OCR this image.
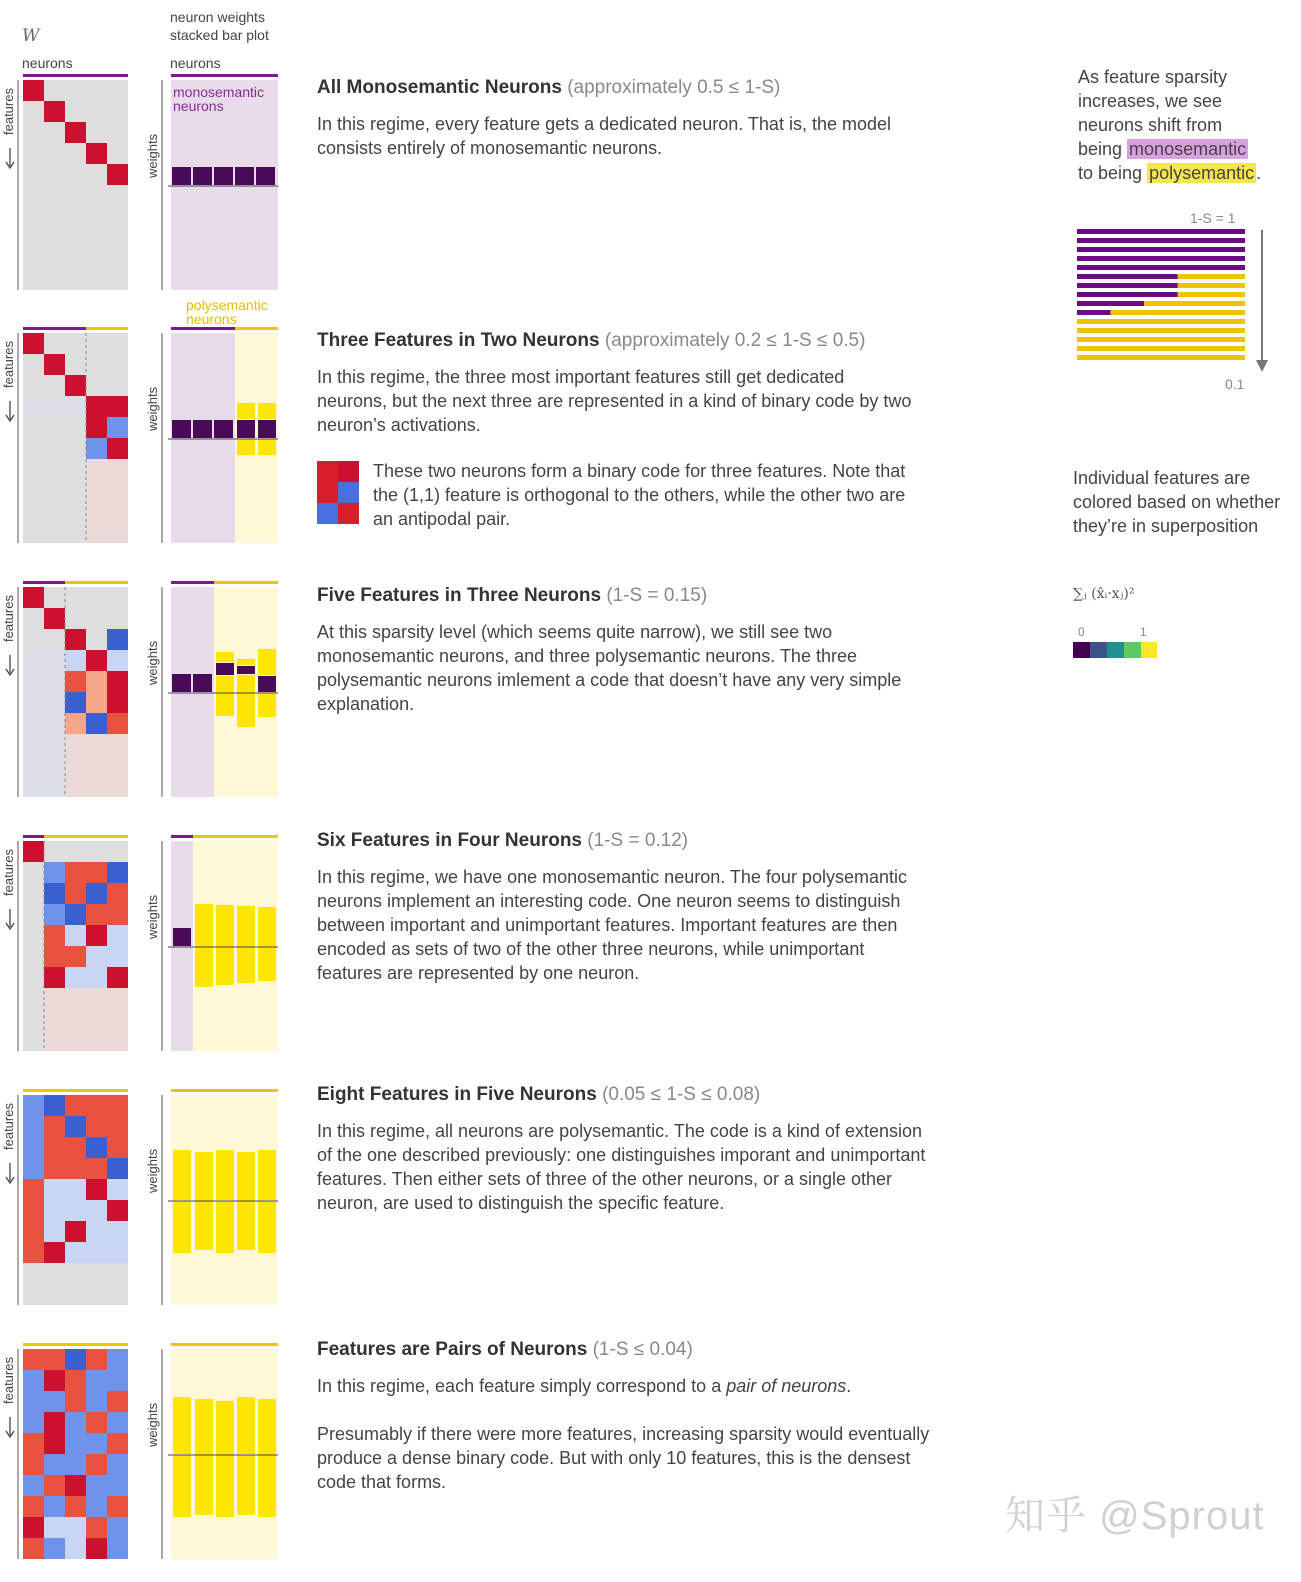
W
neurons
neuron weights
stacked bar plot
neurons
features
weights
features
weights
features
weights
features
weights
features
weights
features
weights
monosemantic
neurons
polysemantic
neurons
All Monosemantic Neurons (approximately 0.5 ≤ 1-S)
In this regime, every feature gets a dedicated neuron. That is, the model consists entirely of monosemantic neurons.
Three Features in Two Neurons (approximately 0.2 ≤ 1-S ≤ 0.5)
In this regime, the three most important features still get dedicated neurons, but the next three are represented in a kind of binary code by two neuron’s activations.
These two neurons form a binary code for three features. Note that the (1,1) feature is orthogonal to the others, while the other two are an antipodal pair.
Five Features in Three Neurons (1-S = 0.15)
At this sparsity level (which seems quite narrow), we still see two monosemantic neurons, and three polysemantic neurons. The three polysemantic neurons imlement a code that doesn’t have any very simple explanation.
Six Features in Four Neurons (1-S = 0.12)
In this regime, we have one monosemantic neuron. The four polysemantic neurons implement an interesting code. One neuron seems to distinguish between important and unimportant features. Important features are then encoded as sets of two of the other three neurons, while unimportant features are represented by one neuron.
Eight Features in Five Neurons (0.05 ≤ 1-S ≤ 0.08)
In this regime, all neurons are polysemantic. The code is a kind of extension of the one described previously: one distinguishes imporant and unimportant features. Then either sets of three of the other neurons, or a single other neuron, are used to distinguish the specific feature.
Features are Pairs of Neurons (1-S ≤ 0.04)
In this regime, each feature simply correspond to a pair of neurons.
Presumably if there were more features, increasing sparsity would eventually produce a dense binary code. But with only 10 features, this is the densest code that forms.
As feature sparsity
increases, we see
neurons shift from
being monosemantic
to being polysemantic .
1-S = 1
0.1
Individual features are colored based on whether they’re in superposition
∑ⱼ (x̂ᵢ·xⱼ)²
0	1
知乎 @Sprout
